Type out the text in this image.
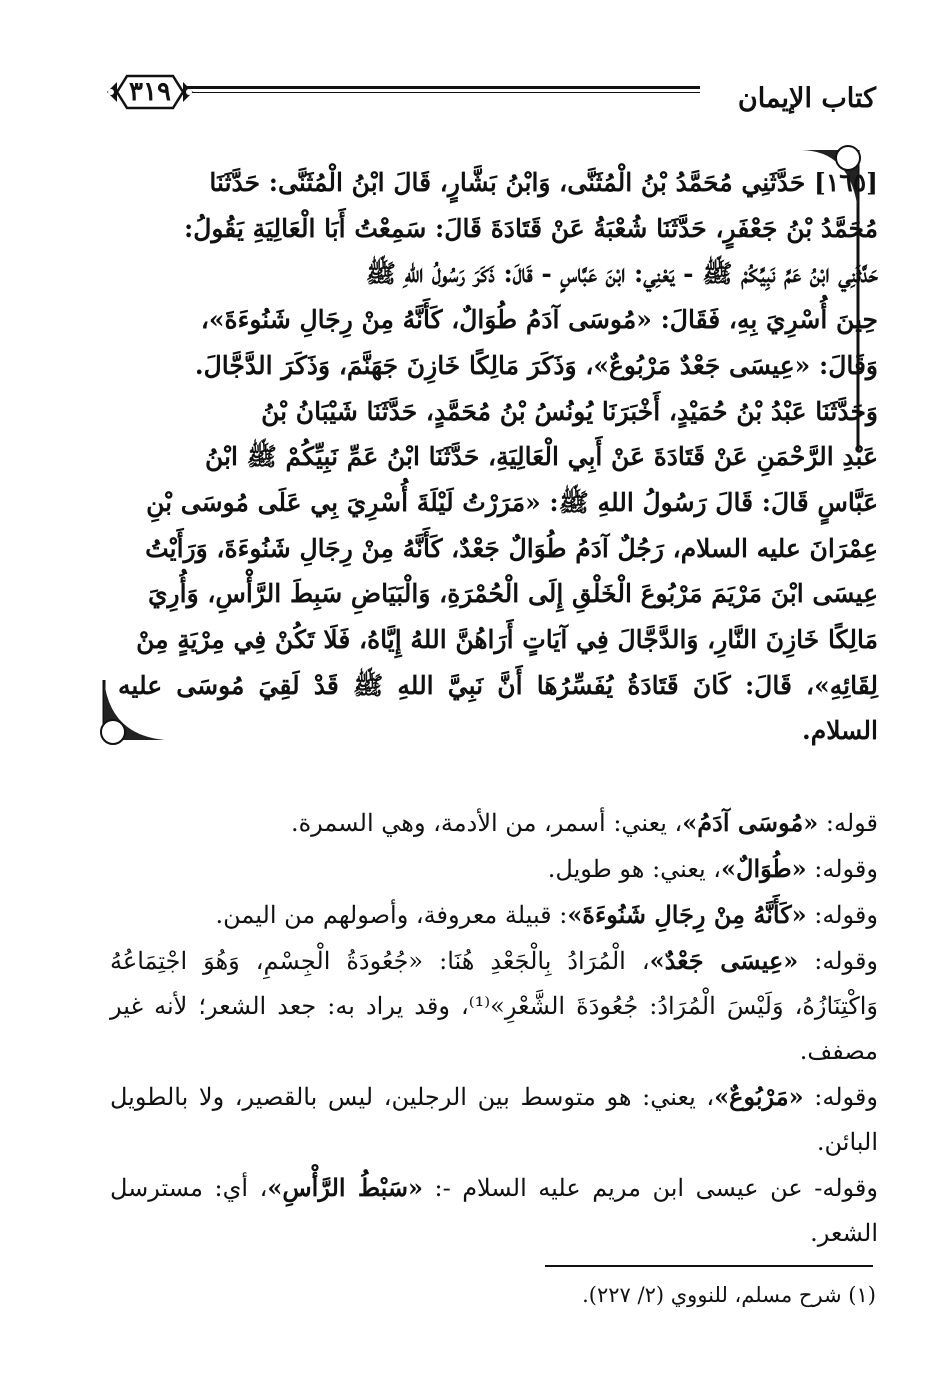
كتاب الإيمان
٣١٩

[١٦٥] حَدَّثَنِي مُحَمَّدُ بْنُ الْمُثَنَّى، وَابْنُ بَشَّارٍ، قَالَ ابْنُ الْمُثَنَّى: حَدَّثَنَا

مُحَمَّدُ بْنُ جَعْفَرٍ، حَدَّثَنَا شُعْبَةُ عَنْ قَتَادَةَ قَالَ: سَمِعْتُ أَبَا الْعَالِيَةِ يَقُولُ:

حَدَّثَنِي ابْنُ عَمِّ نَبِيِّكُمْ ﷺ - يَعْنِي: ابْنَ عَبَّاسٍ - قَالَ: ذَكَرَ رَسُولُ اللهِ ﷺ

حِينَ أُسْرِيَ بِهِ، فَقَالَ: «مُوسَى آدَمُ طُوَالٌ، كَأَنَّهُ مِنْ رِجَالِ شَنُوءَةَ»،

وَقَالَ: «عِيسَى جَعْدٌ مَرْبُوعٌ»، وَذَكَرَ مَالِكًا خَازِنَ جَهَنَّمَ، وَذَكَرَ الدَّجَّالَ.

وَحَدَّثَنَا عَبْدُ بْنُ حُمَيْدٍ، أَخْبَرَنَا يُونُسُ بْنُ مُحَمَّدٍ، حَدَّثَنَا شَيْبَانُ بْنُ

عَبْدِ الرَّحْمَنِ عَنْ قَتَادَةَ عَنْ أَبِي الْعَالِيَةِ، حَدَّثَنَا ابْنُ عَمِّ نَبِيِّكُمْ ﷺ ابْنُ

عَبَّاسٍ قَالَ: قَالَ رَسُولُ اللهِ ﷺ: «مَرَرْتُ لَيْلَةَ أُسْرِيَ بِي عَلَى مُوسَى بْنِ

عِمْرَانَ عليه السلام، رَجُلٌ آدَمُ طُوَالٌ جَعْدٌ، كَأَنَّهُ مِنْ رِجَالِ شَنُوءَةَ، وَرَأَيْتُ

عِيسَى ابْنَ مَرْيَمَ مَرْبُوعَ الْخَلْقِ إِلَى الْحُمْرَةِ، وَالْبَيَاضِ سَبِطَ الرَّأْسِ، وَأُرِيَ

مَالِكًا خَازِنَ النَّارِ، وَالدَّجَّالَ فِي آيَاتٍ أَرَاهُنَّ اللهُ إِيَّاهُ، فَلَا تَكُنْ فِي مِرْيَةٍ مِنْ

لِقَائِهِ»، قَالَ: كَانَ قَتَادَةُ يُفَسِّرُهَا أَنَّ نَبِيَّ اللهِ ﷺ قَدْ لَقِيَ مُوسَى عليه السلام.

قوله: «مُوسَى آدَمُ»، يعني: أسمر، من الأدمة، وهي السمرة.

وقوله: «طُوَالٌ»، يعني: هو طويل.

وقوله: «كَأَنَّهُ مِنْ رِجَالِ شَنُوءَةَ»: قبيلة معروفة، وأصولهم من اليمن.

وقوله: «عِيسَى جَعْدٌ»، الْمُرَادُ بِالْجَعْدِ هُنَا: «جُعُودَةُ الْجِسْمِ، وَهُوَ اجْتِمَاعُهُ وَاكْتِنَازُهُ، وَلَيْسَ الْمُرَادُ: جُعُودَةَ الشَّعْرِ»⁽¹⁾، وقد يراد به: جعد الشعر؛ لأنه غير مصفف.

وقوله: «مَرْبُوعٌ»، يعني: هو متوسط بين الرجلين، ليس بالقصير، ولا بالطويل البائن.

وقوله- عن عيسى ابن مريم عليه السلام -: «سَبْطُ الرَّأْسِ»، أي: مسترسل الشعر.

(١) شرح مسلم، للنووي (٢/ ٢٢٧).
